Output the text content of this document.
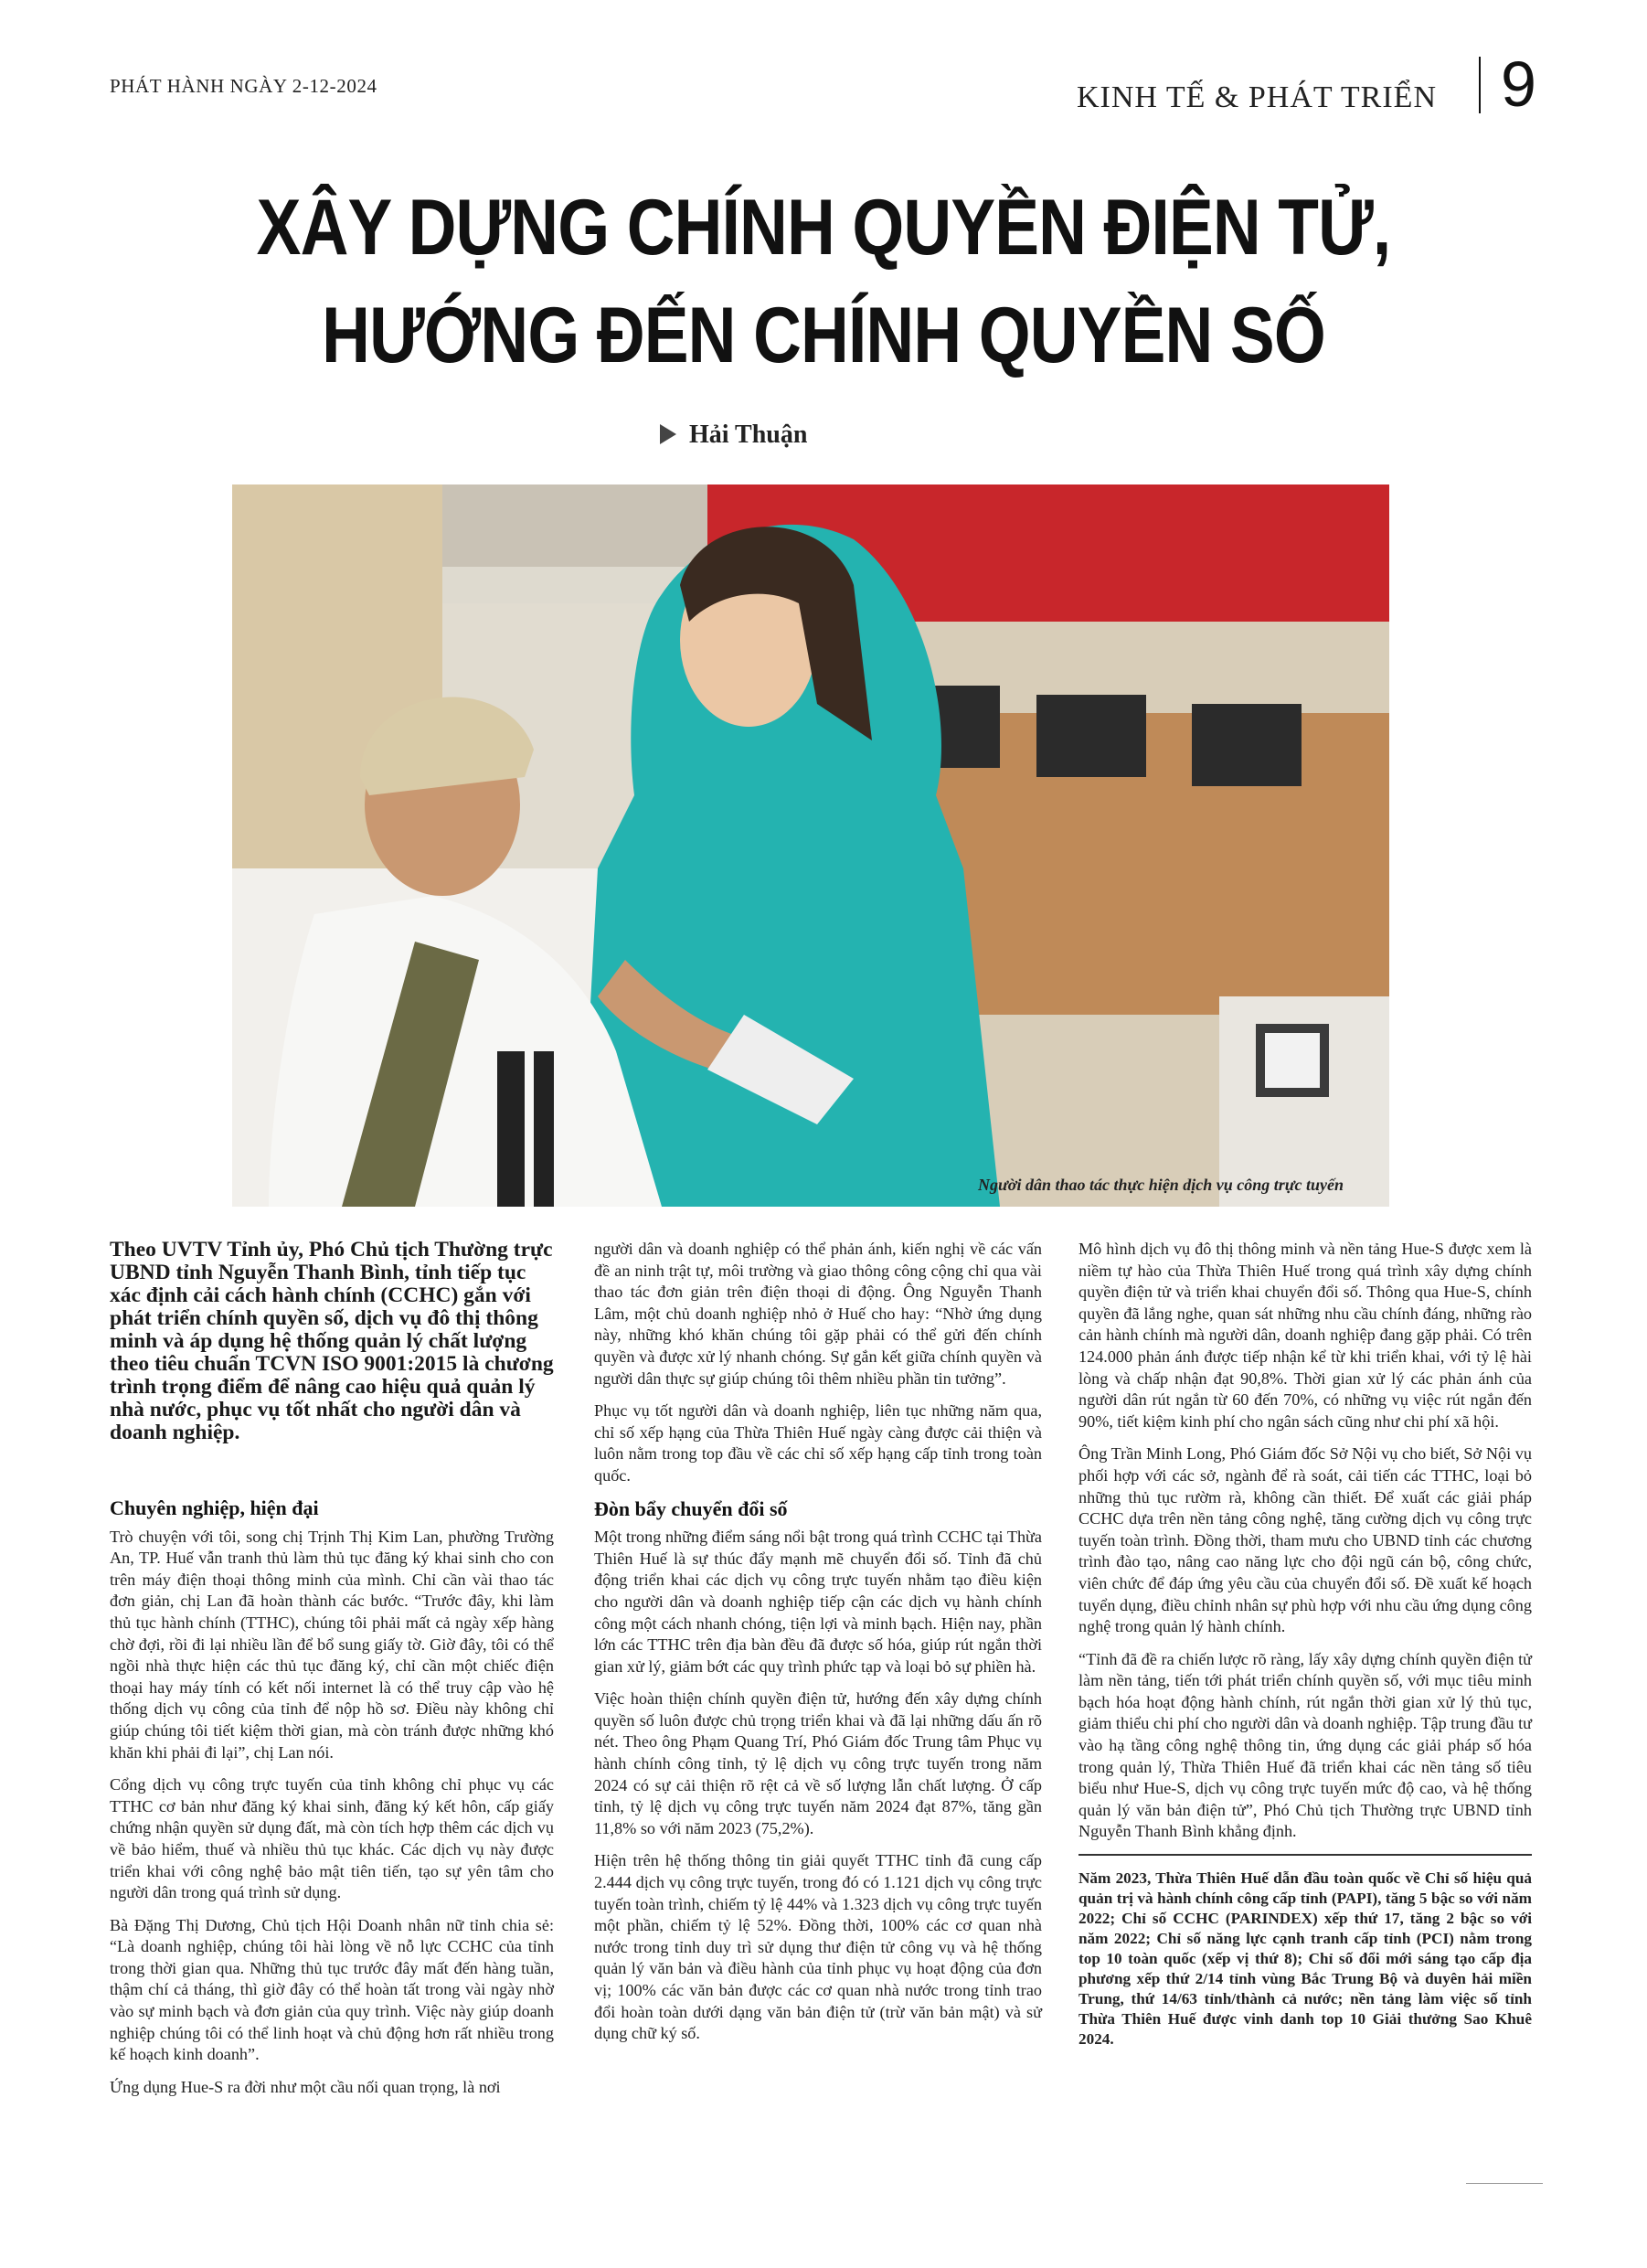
PHÁT HÀNH NGÀY 2-12-2024	KINH TẾ & PHÁT TRIỂN 9
XÂY DỰNG CHÍNH QUYỀN ĐIỆN TỬ,
HƯỚNG ĐẾN CHÍNH QUYỀN SỐ
Hải Thuận
Người dân thao tác thực hiện dịch vụ công trực tuyến

Theo UVTV Tỉnh ủy, Phó Chủ tịch Thường trực UBND tỉnh Nguyễn Thanh Bình, tỉnh tiếp tục xác định cải cách hành chính (CCHC) gắn với phát triển chính quyền số, dịch vụ đô thị thông minh và áp dụng hệ thống quản lý chất lượng theo tiêu chuẩn TCVN ISO 9001:2015 là chương trình trọng điểm để nâng cao hiệu quả quản lý nhà nước, phục vụ tốt nhất cho người dân và doanh nghiệp.

Chuyên nghiệp, hiện đại

Trò chuyện với tôi, song chị Trịnh Thị Kim Lan, phường Trường An, TP. Huế vẫn tranh thủ làm thủ tục đăng ký khai sinh cho con trên máy điện thoại thông minh của mình. Chỉ cần vài thao tác đơn giản, chị Lan đã hoàn thành các bước. “Trước đây, khi làm thủ tục hành chính (TTHC), chúng tôi phải mất cả ngày xếp hàng chờ đợi, rồi đi lại nhiều lần để bổ sung giấy tờ. Giờ đây, tôi có thể ngồi nhà thực hiện các thủ tục đăng ký, chỉ cần một chiếc điện thoại hay máy tính có kết nối internet là có thể truy cập vào hệ thống dịch vụ công của tỉnh để nộp hồ sơ. Điều này không chỉ giúp chúng tôi tiết kiệm thời gian, mà còn tránh được những khó khăn khi phải đi lại”, chị Lan nói.

Cổng dịch vụ công trực tuyến của tỉnh không chỉ phục vụ các TTHC cơ bản như đăng ký khai sinh, đăng ký kết hôn, cấp giấy chứng nhận quyền sử dụng đất, mà còn tích hợp thêm các dịch vụ về bảo hiểm, thuế và nhiều thủ tục khác. Các dịch vụ này được triển khai với công nghệ bảo mật tiên tiến, tạo sự yên tâm cho người dân trong quá trình sử dụng.

Bà Đặng Thị Dương, Chủ tịch Hội Doanh nhân nữ tỉnh chia sẻ: “Là doanh nghiệp, chúng tôi hài lòng về nỗ lực CCHC của tỉnh trong thời gian qua. Những thủ tục trước đây mất đến hàng tuần, thậm chí cả tháng, thì giờ đây có thể hoàn tất trong vài ngày nhờ vào sự minh bạch và đơn giản của quy trình. Việc này giúp doanh nghiệp chúng tôi có thể linh hoạt và chủ động hơn rất nhiều trong kế hoạch kinh doanh”.

Ứng dụng Hue-S ra đời như một cầu nối quan trọng, là nơi

người dân và doanh nghiệp có thể phản ánh, kiến nghị về các vấn đề an ninh trật tự, môi trường và giao thông công cộng chỉ qua vài thao tác đơn giản trên điện thoại di động. Ông Nguyễn Thanh Lâm, một chủ doanh nghiệp nhỏ ở Huế cho hay: “Nhờ ứng dụng này, những khó khăn chúng tôi gặp phải có thể gửi đến chính quyền và được xử lý nhanh chóng. Sự gắn kết giữa chính quyền và người dân thực sự giúp chúng tôi thêm nhiều phần tin tưởng”.

Phục vụ tốt người dân và doanh nghiệp, liên tục những năm qua, chỉ số xếp hạng của Thừa Thiên Huế ngày càng được cải thiện và luôn nằm trong top đầu về các chỉ số xếp hạng cấp tỉnh trong toàn quốc.

Đòn bẩy chuyển đổi số

Một trong những điểm sáng nổi bật trong quá trình CCHC tại Thừa Thiên Huế là sự thúc đẩy mạnh mẽ chuyển đổi số. Tỉnh đã chủ động triển khai các dịch vụ công trực tuyến nhằm tạo điều kiện cho người dân và doanh nghiệp tiếp cận các dịch vụ hành chính công một cách nhanh chóng, tiện lợi và minh bạch. Hiện nay, phần lớn các TTHC trên địa bàn đều đã được số hóa, giúp rút ngắn thời gian xử lý, giảm bớt các quy trình phức tạp và loại bỏ sự phiền hà.

Việc hoàn thiện chính quyền điện tử, hướng đến xây dựng chính quyền số luôn được chủ trọng triển khai và đã lại những dấu ấn rõ nét. Theo ông Phạm Quang Trí, Phó Giám đốc Trung tâm Phục vụ hành chính công tỉnh, tỷ lệ dịch vụ công trực tuyến trong năm 2024 có sự cải thiện rõ rệt cả về số lượng lẫn chất lượng. Ở cấp tỉnh, tỷ lệ dịch vụ công trực tuyến năm 2024 đạt 87%, tăng gần 11,8% so với năm 2023 (75,2%).

Hiện trên hệ thống thông tin giải quyết TTHC tỉnh đã cung cấp 2.444 dịch vụ công trực tuyến, trong đó có 1.121 dịch vụ công trực tuyến toàn trình, chiếm tỷ lệ 44% và 1.323 dịch vụ công trực tuyến một phần, chiếm tỷ lệ 52%. Đồng thời, 100% các cơ quan nhà nước trong tỉnh duy trì sử dụng thư điện tử công vụ và hệ thống quản lý văn bản và điều hành của tỉnh phục vụ hoạt động của đơn vị; 100% các văn bản được các cơ quan nhà nước trong tỉnh trao đổi hoàn toàn dưới dạng văn bản điện tử (trừ văn bản mật) và sử dụng chữ ký số.

Mô hình dịch vụ đô thị thông minh và nền tảng Hue-S được xem là niềm tự hào của Thừa Thiên Huế trong quá trình xây dựng chính quyền điện tử và triển khai chuyển đổi số. Thông qua Hue-S, chính quyền đã lắng nghe, quan sát những nhu cầu chính đáng, những rào cản hành chính mà người dân, doanh nghiệp đang gặp phải. Có trên 124.000 phản ánh được tiếp nhận kể từ khi triển khai, với tỷ lệ hài lòng và chấp nhận đạt 90,8%. Thời gian xử lý các phản ánh của người dân rút ngắn từ 60 đến 70%, có những vụ việc rút ngắn đến 90%, tiết kiệm kinh phí cho ngân sách cũng như chi phí xã hội.

Ông Trần Minh Long, Phó Giám đốc Sở Nội vụ cho biết, Sở Nội vụ phối hợp với các sở, ngành để rà soát, cải tiến các TTHC, loại bỏ những thủ tục rườm rà, không cần thiết. Để xuất các giải pháp CCHC dựa trên nền tảng công nghệ, tăng cường dịch vụ công trực tuyến toàn trình. Đồng thời, tham mưu cho UBND tỉnh các chương trình đào tạo, nâng cao năng lực cho đội ngũ cán bộ, công chức, viên chức để đáp ứng yêu cầu của chuyển đổi số. Đề xuất kế hoạch tuyển dụng, điều chỉnh nhân sự phù hợp với nhu cầu ứng dụng công nghệ trong quản lý hành chính.

“Tỉnh đã đề ra chiến lược rõ ràng, lấy xây dựng chính quyền điện tử làm nền tảng, tiến tới phát triển chính quyền số, với mục tiêu minh bạch hóa hoạt động hành chính, rút ngắn thời gian xử lý thủ tục, giảm thiểu chi phí cho người dân và doanh nghiệp. Tập trung đầu tư vào hạ tầng công nghệ thông tin, ứng dụng các giải pháp số hóa trong quản lý, Thừa Thiên Huế đã triển khai các nền tảng số tiêu biểu như Hue-S, dịch vụ công trực tuyến mức độ cao, và hệ thống quản lý văn bản điện tử”, Phó Chủ tịch Thường trực UBND tỉnh Nguyễn Thanh Bình khẳng định.

Năm 2023, Thừa Thiên Huế dẫn đầu toàn quốc về Chỉ số hiệu quả quản trị và hành chính công cấp tỉnh (PAPI), tăng 5 bậc so với năm 2022; Chỉ số CCHC (PARINDEX) xếp thứ 17, tăng 2 bậc so với năm 2022; Chỉ số năng lực cạnh tranh cấp tỉnh (PCI) nằm trong top 10 toàn quốc (xếp vị thứ 8); Chỉ số đổi mới sáng tạo cấp địa phương xếp thứ 2/14 tỉnh vùng Bắc Trung Bộ và duyên hải miền Trung, thứ 14/63 tỉnh/thành cả nước; nền tảng làm việc số tỉnh Thừa Thiên Huế được vinh danh top 10 Giải thưởng Sao Khuê 2024.
